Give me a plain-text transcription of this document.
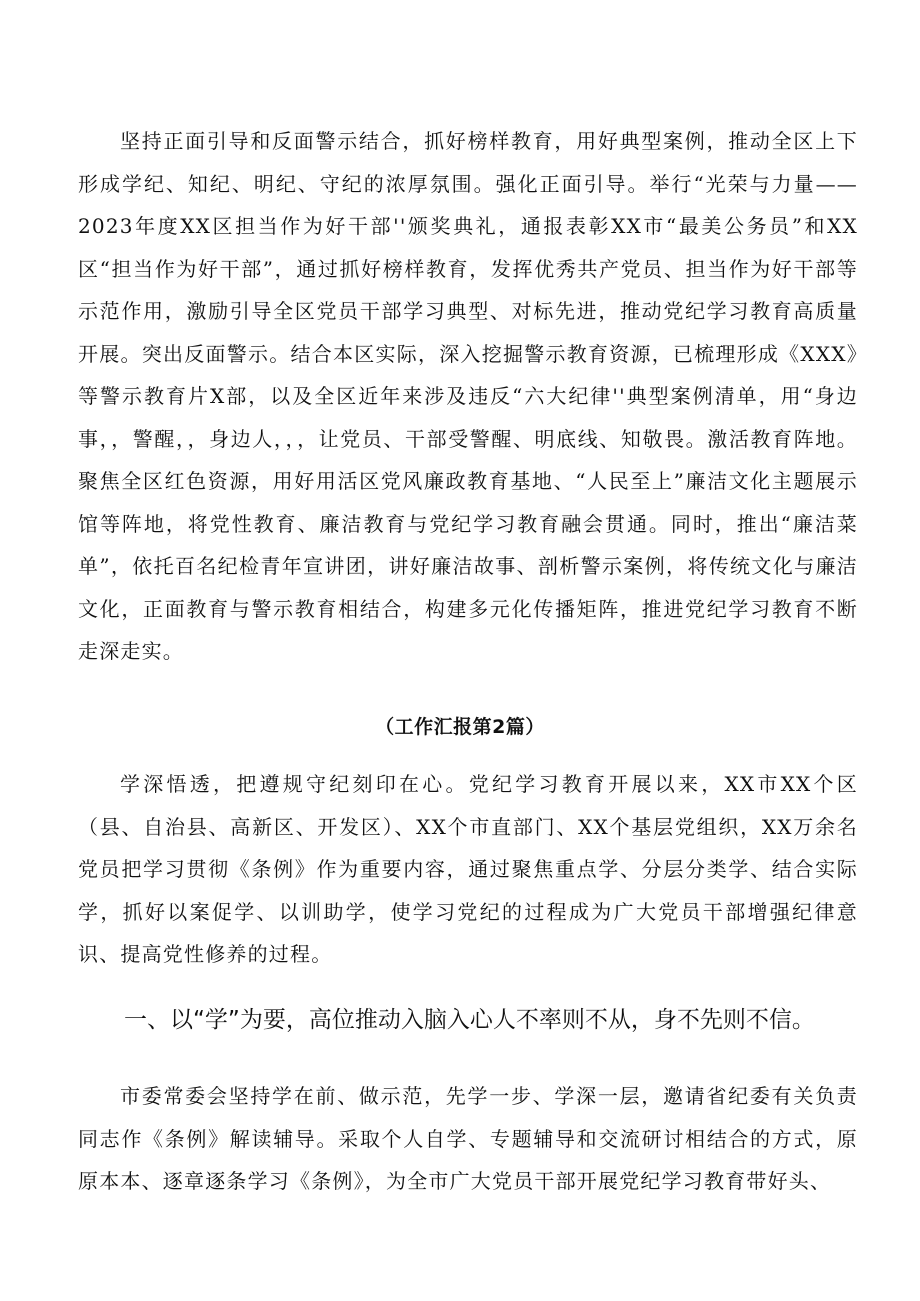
坚持正面引导和反面警示结合，抓好榜样教育，用好典型案例，推动全区上下形成学纪、知纪、明纪、守纪的浓厚氛围。强化正面引导。举行“光荣与力量——2023年度XX区担当作为好干部''颁奖典礼，通报表彰XX市“最美公务员”和XX区“担当作为好干部”，通过抓好榜样教育，发挥优秀共产党员、担当作为好干部等示范作用，激励引导全区党员干部学习典型、对标先进，推动党纪学习教育高质量开展。突出反面警示。结合本区实际，深入挖掘警示教育资源，已梳理形成《XXX》等警示教育片X部，以及全区近年来涉及违反“六大纪律''典型案例清单，用“身边事，，警醒，，身边人，，，让党员、干部受警醒、明底线、知敬畏。激活教育阵地。聚焦全区红色资源，用好用活区党风廉政教育基地、“人民至上”廉洁文化主题展示馆等阵地，将党性教育、廉洁教育与党纪学习教育融会贯通。同时，推出“廉洁菜单”，依托百名纪检青年宣讲团，讲好廉洁故事、剖析警示案例，将传统文化与廉洁文化，正面教育与警示教育相结合，构建多元化传播矩阵，推进党纪学习教育不断走深走实。

（工作汇报第2篇）

学深悟透，把遵规守纪刻印在心。党纪学习教育开展以来，XX市XX个区（县、自治县、高新区、开发区）、XX个市直部门、XX个基层党组织，XX万余名党员把学习贯彻《条例》作为重要内容，通过聚焦重点学、分层分类学、结合实际学，抓好以案促学、以训助学，使学习党纪的过程成为广大党员干部增强纪律意识、提高党性修养的过程。

一、以“学”为要，高位推动入脑入心人不率则不从，身不先则不信。

市委常委会坚持学在前、做示范，先学一步、学深一层，邀请省纪委有关负责同志作《条例》解读辅导。采取个人自学、专题辅导和交流研讨相结合的方式，原原本本、逐章逐条学习《条例》，为全市广大党员干部开展党纪学习教育带好头、
